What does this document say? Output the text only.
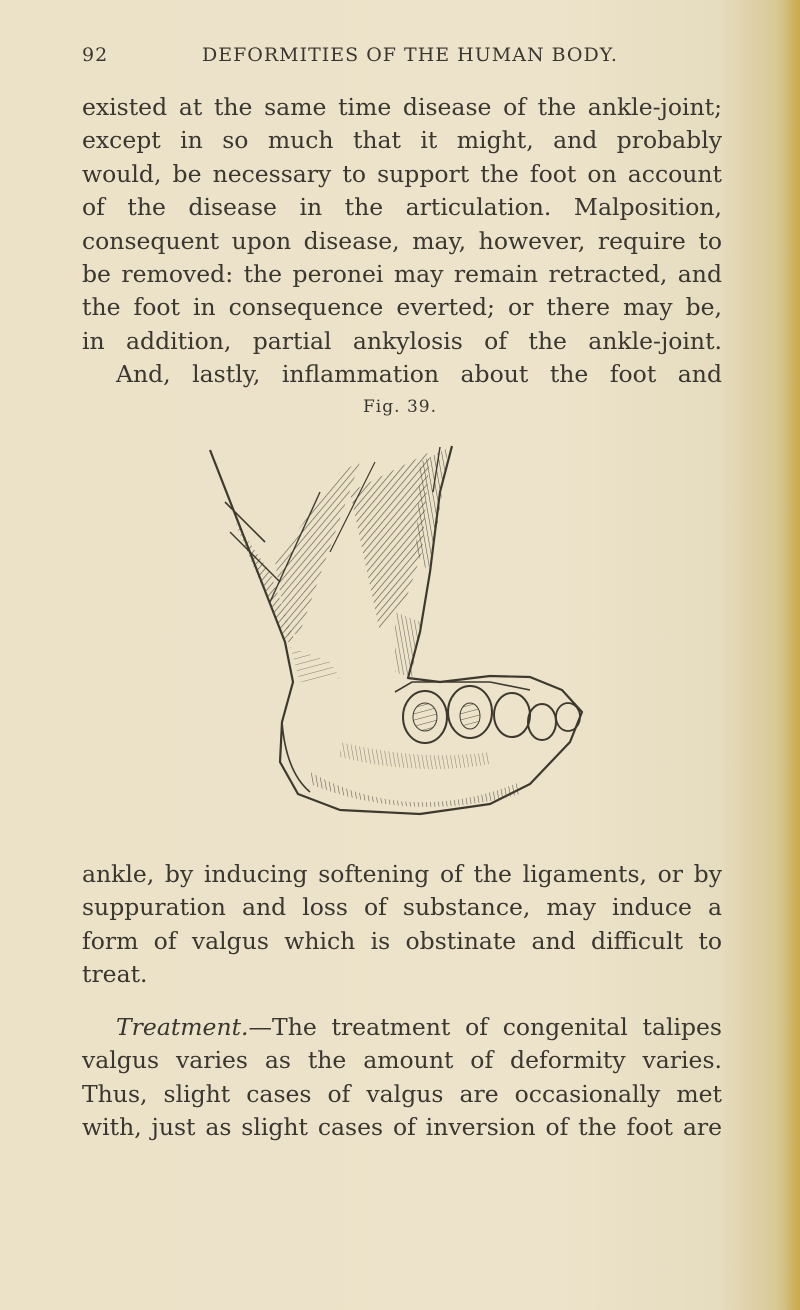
92	DEFORMITIES OF THE HUMAN BODY.
existed at the same time disease of the ankle-joint;
except in so much that it might, and probably
would, be necessary to support the foot on account
of the disease in the articulation. Malposition,
consequent upon disease, may, however, require to
be removed: the peronei may remain retracted, and
the foot in consequence everted; or there may be,
in addition, partial ankylosis of the ankle-joint.
And, lastly, inflammation about the foot and
Fig. 39.
ankle, by inducing softening of the ligaments, or by
suppuration and loss of substance, may induce a
form of valgus which is obstinate and difficult to
treat.
Treatment.—The treatment of congenital talipes
valgus varies as the amount of deformity varies.
Thus, slight cases of valgus are occasionally met
with, just as slight cases of inversion of the foot are
